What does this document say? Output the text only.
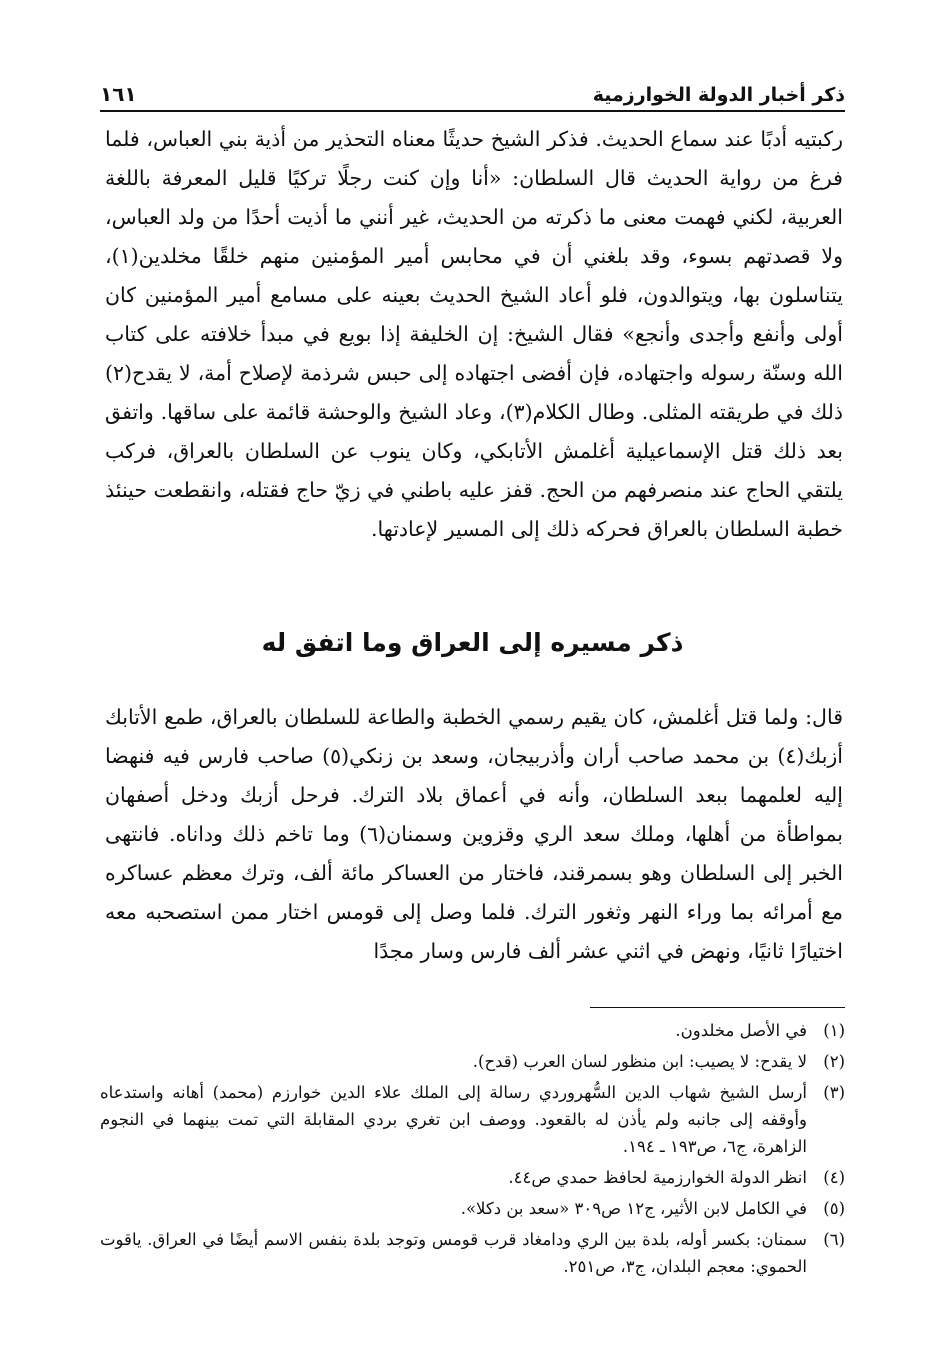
ذكر أخبار الدولة الخوارزمية
١٦١

ركبتيه أدبًا عند سماع الحديث. فذكر الشيخ حديثًا معناه التحذير من أذية بني العباس، فلما فرغ من رواية الحديث قال السلطان: «أنا وإن كنت رجلًا تركيًا قليل المعرفة باللغة العربية، لكني فهمت معنى ما ذكرته من الحديث، غير أنني ما أذيت أحدًا من ولد العباس، ولا قصدتهم بسوء، وقد بلغني أن في محابس أمير المؤمنين منهم خلقًا مخلدين(١)، يتناسلون بها، ويتوالدون، فلو أعاد الشيخ الحديث بعينه على مسامع أمير المؤمنين كان أولى وأنفع وأجدى وأنجع» فقال الشيخ: إن الخليفة إذا بويع في مبدأ خلافته على كتاب الله وسنّة رسوله واجتهاده، فإن أفضى اجتهاده إلى حبس شرذمة لإصلاح أمة، لا يقدح(٢) ذلك في طريقته المثلى. وطال الكلام(٣)، وعاد الشيخ والوحشة قائمة على ساقها. واتفق بعد ذلك قتل الإسماعيلية أغلمش الأتابكي، وكان ينوب عن السلطان بالعراق، فركب يلتقي الحاج عند منصرفهم من الحج. قفز عليه باطني في زيّ حاج فقتله، وانقطعت حينئذ خطبة السلطان بالعراق فحركه ذلك إلى المسير لإعادتها.

ذكر مسيره إلى العراق وما اتفق له

قال: ولما قتل أغلمش، كان يقيم رسمي الخطبة والطاعة للسلطان بالعراق، طمع الأتابك أزبك(٤) بن محمد صاحب أران وأذربيجان، وسعد بن زنكي(٥) صاحب فارس فيه فنهضا إليه لعلمهما ببعد السلطان، وأنه في أعماق بلاد الترك. فرحل أزبك ودخل أصفهان بمواطأة من أهلها، وملك سعد الري وقزوين وسمنان(٦) وما تاخم ذلك وداناه. فانتهى الخبر إلى السلطان وهو بسمرقند، فاختار من العساكر مائة ألف، وترك معظم عساكره مع أمرائه بما وراء النهر وثغور الترك. فلما وصل إلى قومس اختار ممن استصحبه معه اختيارًا ثانيًا، ونهض في اثني عشر ألف فارس وسار مجدًا

(١)
في الأصل مخلدون.
(٢)
لا يقدح: لا يصيب: ابن منظور لسان العرب (قدح).
(٣)
أرسل الشيخ شهاب الدين السُّهروردي رسالة إلى الملك علاء الدين خوارزم (محمد) أهانه واستدعاه وأوقفه إلى جانبه ولم يأذن له بالقعود. ووصف ابن تغري بردي المقابلة التي تمت بينهما في النجوم الزاهرة، ج٦، ص١٩٣ ـ ١٩٤.
(٤)
انظر الدولة الخوارزمية لحافظ حمدي ص٤٤.
(٥)
في الكامل لابن الأثير، ج١٢ ص٣٠٩ «سعد بن دكلا».
(٦)
سمنان: بكسر أوله، بلدة بين الري ودامغاد قرب قومس وتوجد بلدة بنفس الاسم أيضًا في العراق. ياقوت الحموي: معجم البلدان، ج٣، ص٢٥١.
